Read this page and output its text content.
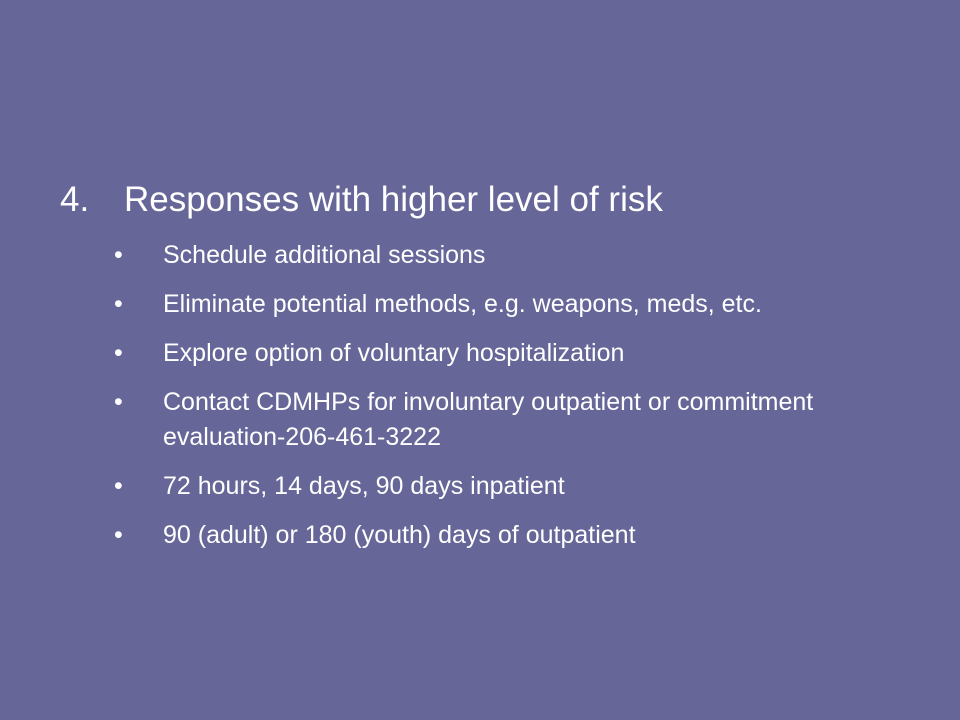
4. Responses with higher level of risk
•	Schedule additional sessions
•	Eliminate potential methods, e.g. weapons, meds, etc.
•	Explore option of voluntary hospitalization
•	Contact CDMHPs for involuntary outpatient or commitment evaluation-206-461-3222
•	72 hours, 14 days, 90 days inpatient
•	90 (adult) or 180 (youth) days of outpatient
